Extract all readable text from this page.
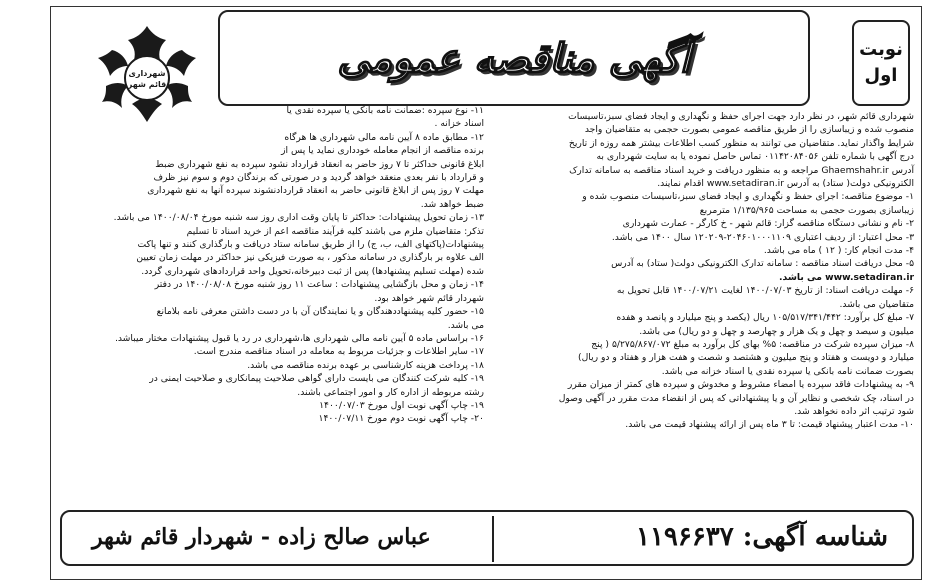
نوبت
اول
آگهی مناقصه عمومی
شهرداری
قائم شهر

شهرداری قائم شهر، در نظر دارد جهت اجرای حفظ و نگهداری و ایجاد فضای سبز،تاسیسات

منصوب شده و زیباسازی را از طریق مناقصه عمومی بصورت حجمی به متقاضیان واجد

شرایط واگذار نماید. متقاضیان می توانند به منظور کسب اطلاعات بیشتر همه روزه از تاریخ

درج آگهی با شماره تلفن ۰۱۱۴۲۰۸۴۰۵۶ تماس حاصل نموده یا به سایت شهرداری به

آدرس Ghaemshahr.ir مراجعه و به منظور دریافت و خرید اسناد مناقصه به سامانه تدارک

الکترونیکی دولت( ستاد) به آدرس www.setadiran.ir اقدام نمایند.

۱- موضوع مناقصه: اجرای حفظ و نگهداری و ایجاد فضای سبز،تاسیسات منصوب شده و

زیباسازی بصورت حجمی به مساحت ۱/۱۳۵/۹۶۵ مترمربع

۲- نام و نشانی دستگاه مناقصه گزار: قائم شهر - خ کارگر - عمارت شهرداری

۳- محل اعتبار: از ردیف اعتباری ۲۰۴۶۰۱۰۰۰۱۱۰۹-۱۲۰۲۰۹ سال ۱۴۰۰ می باشد.

۴- مدت انجام کار: ( ۱۲ ) ماه می باشد.

۵- محل دریافت اسناد مناقصه : سامانه تدارک الکترونیکی دولت( ستاد) به آدرس

www.setadiran.ir می باشد.

۶- مهلت دریافت اسناد: از تاریخ ۱۴۰۰/۰۷/۰۳ لغایت ۱۴۰۰/۰۷/۲۱ قابل تحویل به

متقاضیان می باشد.

۷- مبلغ کل برآورد: ۱۰۵/۵۱۷/۳۴۱/۴۴۲ ریال (یکصد و پنج میلیارد و پانصد و هفده

میلیون و سیصد و چهل و یک هزار و چهارصد و چهل و دو ریال) می باشد.

۸- میزان سپرده شرکت در مناقصه: ۵% بهای کل برآورد به مبلغ ۵/۲۷۵/۸۶۷/۰۷۲ ( پنج

میلیارد و دویست و هفتاد و پنج میلیون و هشتصد و شصت و هفت هزار و هفتاد و دو ریال)

بصورت ضمانت نامه بانکی یا سپرده نقدی یا اسناد خزانه می باشد.

۹- به پیشنهادات فاقد سپرده یا امضاء مشروط و مخدوش و سپرده های کمتر از میزان مقرر

در اسناد، چک شخصی و نظایر آن و یا پیشنهاداتی که پس از انقضاء مدت مقرر در آگهی وصول

شود ترتیب اثر داده نخواهد شد.

۱۰- مدت اعتبار پیشنهاد قیمت: تا ۳ ماه پس از ارائه پیشنهاد قیمت می باشد.

۱۱- نوع سپرده :ضمانت نامه بانکی یا سپرده نقدی یا

اسناد خزانه .

۱۲- مطابق ماده ۸ آیین نامه مالی شهرداری ها هرگاه

برنده مناقصه از انجام معامله خودداری نماید یا پس از

ابلاغ قانونی حداکثر تا ۷ روز حاضر به انعقاد قرارداد نشود سپرده به نفع شهرداری ضبط

و قرارداد با نفر بعدی منعقد خواهد گردید و در صورتی که برندگان دوم و سوم نیز ظرف

مهلت ۷ روز پس از ابلاغ قانونی حاضر به انعقاد قراردادنشوند سپرده آنها به نفع شهرداری

ضبط خواهد شد.

۱۳- زمان تحویل پیشنهادات: حداکثر تا پایان وقت اداری روز سه شنبه مورخ ۱۴۰۰/۰۸/۰۴ می باشد.

تذکر: متقاضیان ملزم می باشند کلیه فرآیند مناقصه اعم از خرید اسناد تا تسلیم

پیشنهادات(پاکتهای الف، ب، ج) را از طریق سامانه ستاد دریافت و بارگذاری کنند و تنها پاکت

الف علاوه بر بارگذاری در سامانه مذکور ، به صورت فیزیکی نیز حداکثر در مهلت زمان تعیین

شده (مهلت تسلیم پیشنهادها) پس از ثبت دبیرخانه،تحویل واحد قراردادهای شهرداری گردد.

۱۴- زمان و محل بازگشایی پیشنهادات : ساعت ۱۱ روز شنبه مورخ ۱۴۰۰/۰۸/۰۸ در دفتر

شهردار قائم شهر خواهد بود.

۱۵- حضور کلیه پیشنهاددهندگان و یا نمایندگان آن با در دست داشتن معرفی نامه بلامانع

می باشد.

۱۶- براساس ماده ۵ آیین نامه مالی شهرداری ها،شهرداری در رد یا قبول پیشنهادات مختار میباشد.

۱۷- سایر اطلاعات و جزئیات مربوط به معامله در اسناد مناقصه مندرج است.

۱۸- پرداخت هزینه کارشناسی بر عهده برنده مناقصه می باشد.

۱۹- کلیه شرکت کنندگان می بایست دارای گواهی صلاحیت پیمانکاری و صلاحیت ایمنی در

رشته مربوطه از اداره کار و امور اجتماعی باشند.

۱۹- چاپ آگهی نوبت اول مورخ ۱۴۰۰/۰۷/۰۳

۲۰- چاپ آگهی نوبت دوم مورخ ۱۴۰۰/۰۷/۱۱

شناسه آگهی: ۱۱۹۶۶۳۷
عباس صالح زاده - شهردار قائم شهر
